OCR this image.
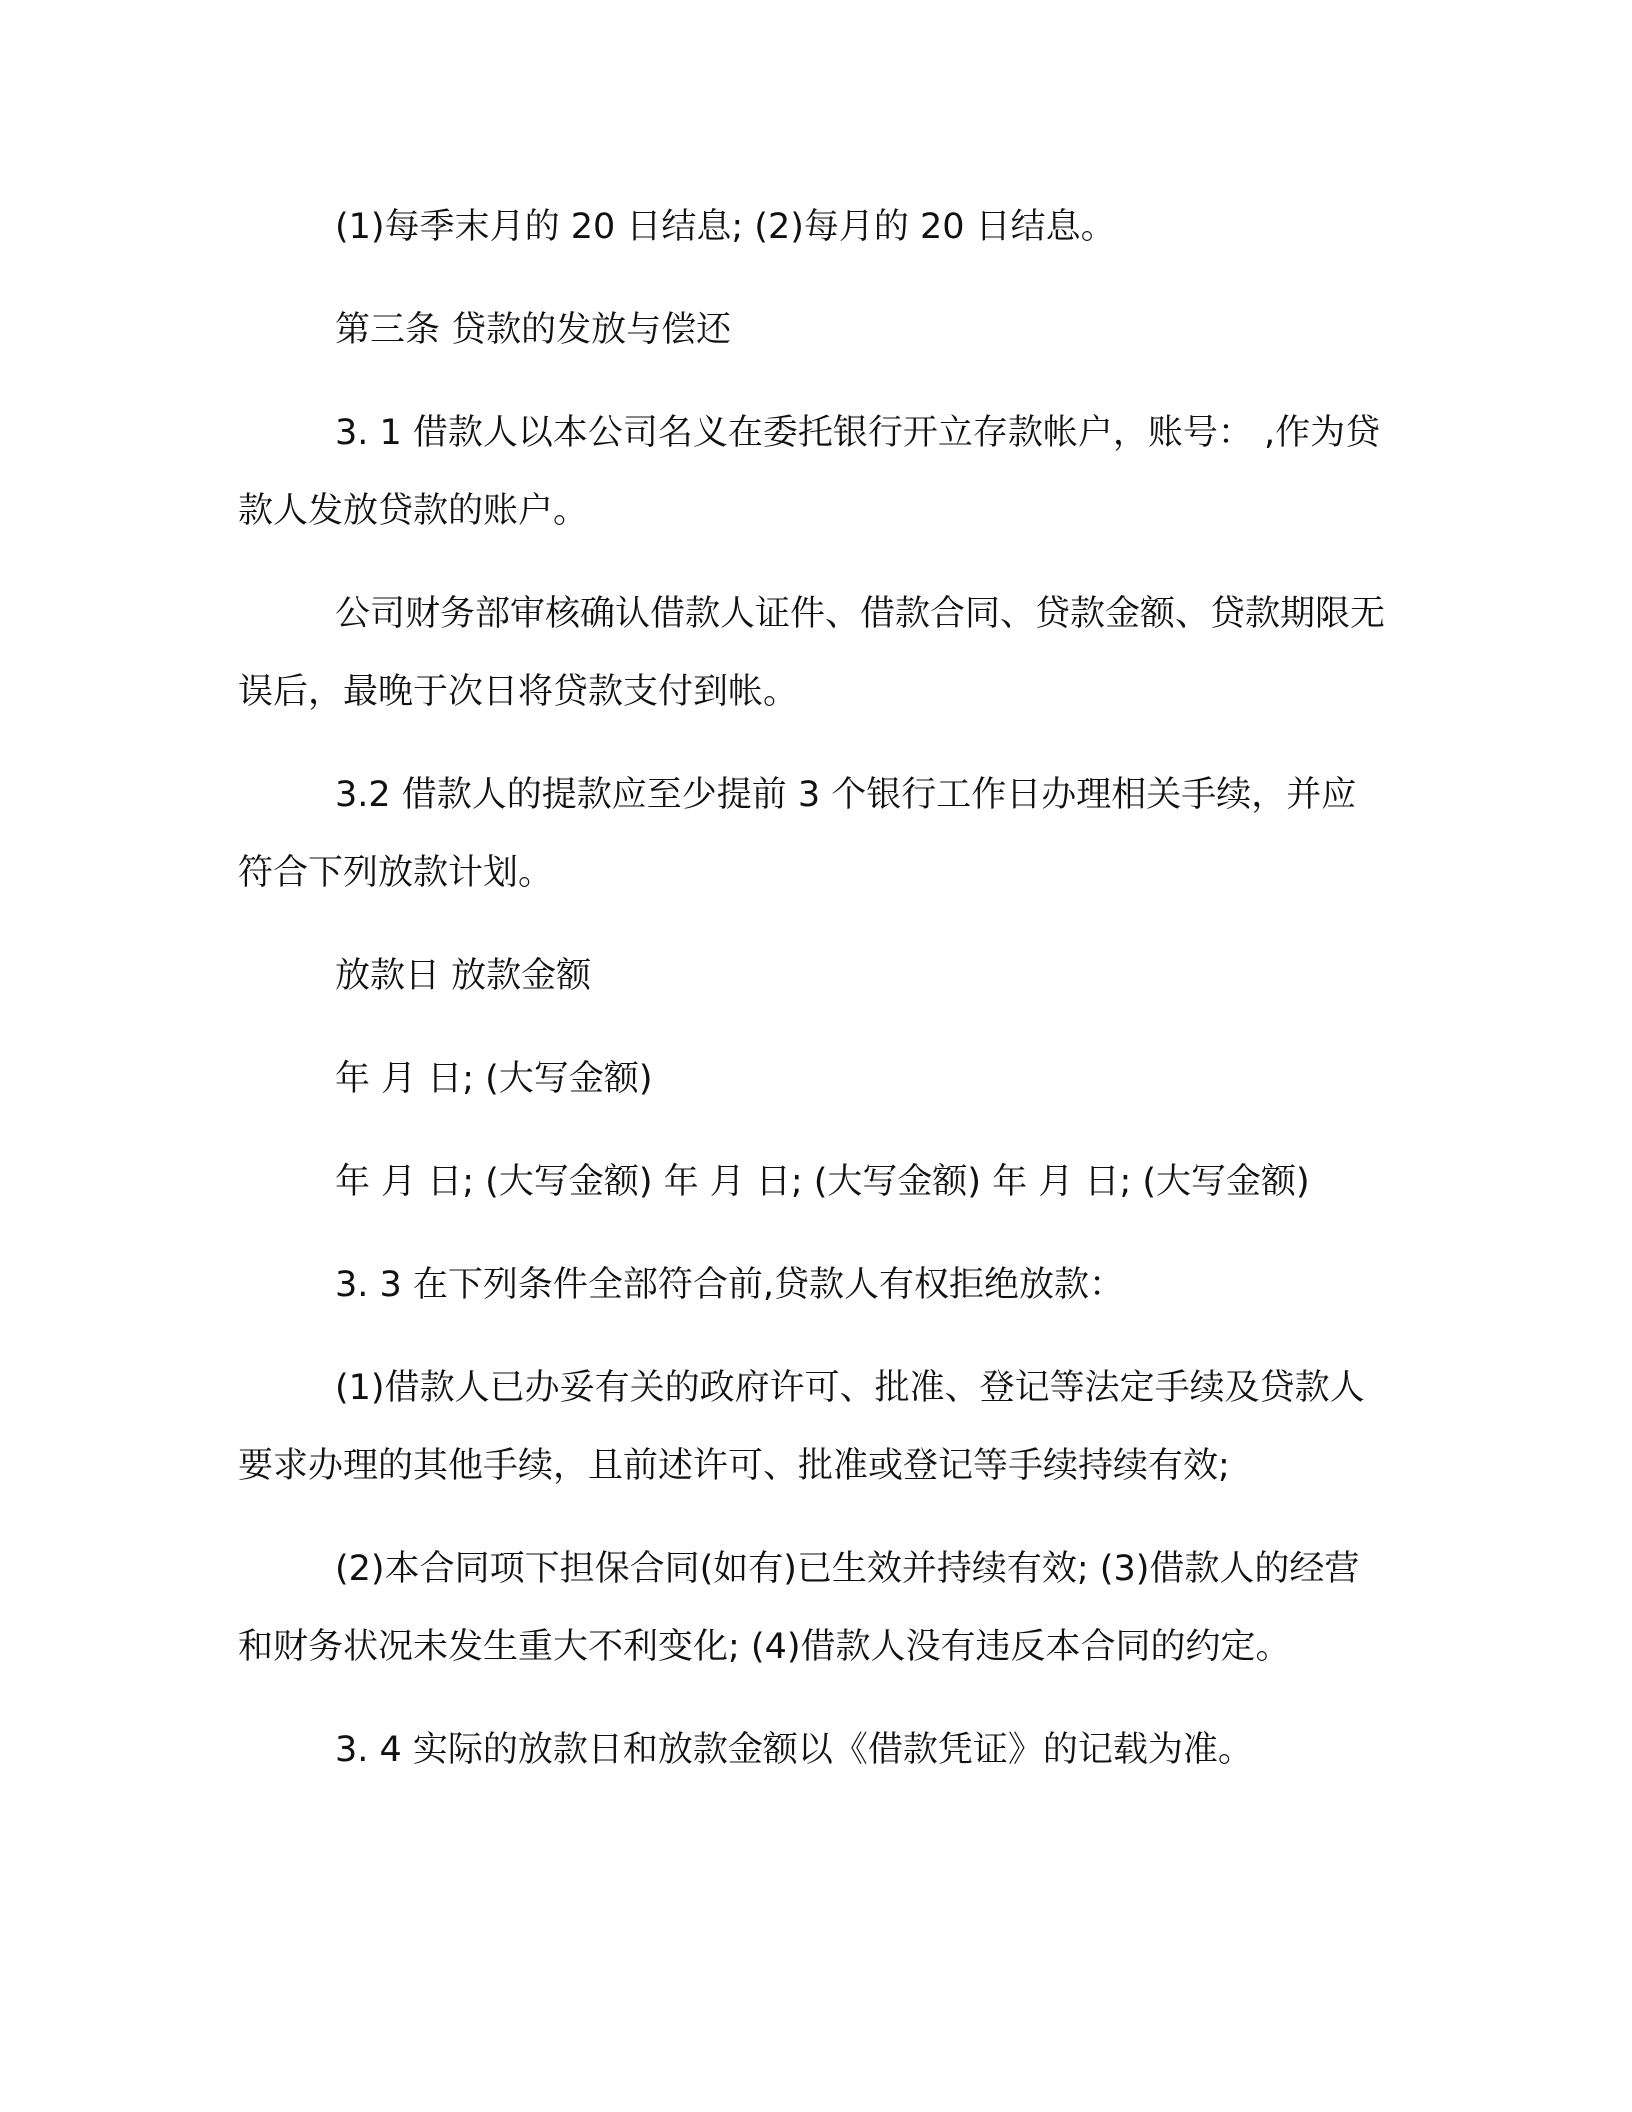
(1)每季末月的 20 日结息; (2)每月的 20 日结息。

第三条 贷款的发放与偿还

3. 1 借款人以本公司名义在委托银行开立存款帐户，账号： ,作为贷款人发放贷款的账户。

公司财务部审核确认借款人证件、借款合同、贷款金额、贷款期限无误后，最晚于次日将贷款支付到帐。

3.2 借款人的提款应至少提前 3 个银行工作日办理相关手续，并应符合下列放款计划。

放款日 放款金额

年 月 日; (大写金额)

年 月 日; (大写金额) 年 月 日; (大写金额) 年 月 日; (大写金额)

3. 3 在下列条件全部符合前,贷款人有权拒绝放款：

(1)借款人已办妥有关的政府许可、批准、登记等法定手续及贷款人要求办理的其他手续，且前述许可、批准或登记等手续持续有效;

(2)本合同项下担保合同(如有)已生效并持续有效; (3)借款人的经营和财务状况未发生重大不利变化; (4)借款人没有违反本合同的约定。

3. 4 实际的放款日和放款金额以《借款凭证》的记载为准。
